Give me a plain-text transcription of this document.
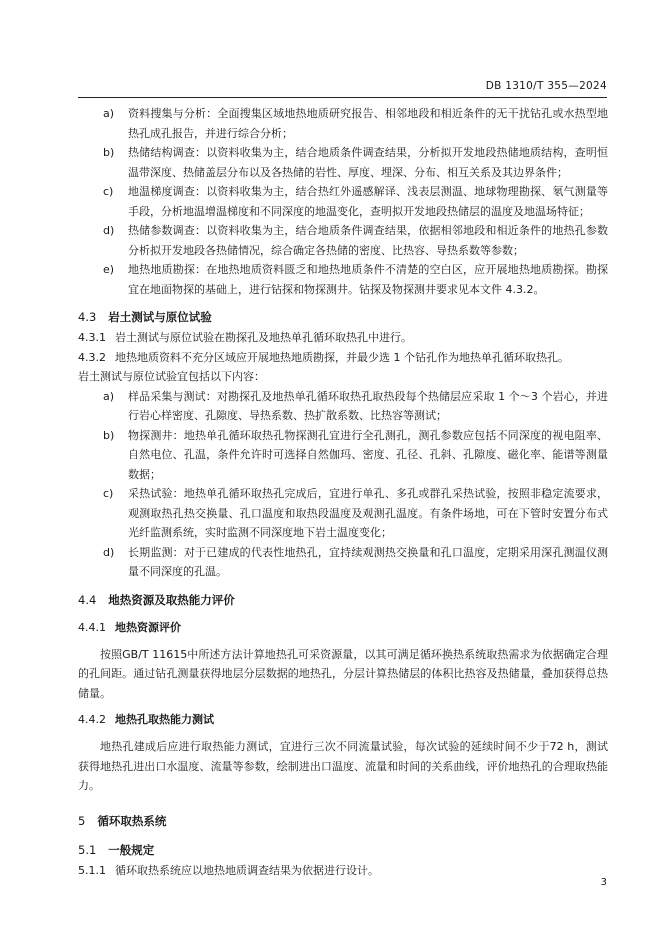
DB 1310/T 355—2024
a) 资料搜集与分析：全面搜集区域地热地质研究报告、相邻地段和相近条件的无干扰钻孔或水热型地热孔成孔报告，并进行综合分析；
b) 热储结构调查：以资料收集为主，结合地质条件调查结果，分析拟开发地段热储地质结构，查明恒温带深度、热储盖层分布以及各热储的岩性、厚度、埋深、分布、相互关系及其边界条件；
c) 地温梯度调查：以资料收集为主，结合热红外遥感解译、浅表层测温、地球物理勘探、氡气测量等手段，分析地温增温梯度和不同深度的地温变化，查明拟开发地段热储层的温度及地温场特征；
d) 热储参数调查：以资料收集为主，结合地质条件调查结果，依据相邻地段和相近条件的地热孔参数分析拟开发地段各热储情况，综合确定各热储的密度、比热容、导热系数等参数；
e) 地热地质勘探：在地热地质资料匮乏和地热地质条件不清楚的空白区，应开展地热地质勘探。勘探宜在地面物探的基础上，进行钻探和物探测井。钻探及物探测井要求见本文件 4.3.2。
4.3 岩土测试与原位试验
4.3.1 岩土测试与原位试验在勘探孔及地热单孔循环取热孔中进行。
4.3.2 地热地质资料不充分区域应开展地热地质勘探，并最少选 1 个钻孔作为地热单孔循环取热孔。
岩土测试与原位试验宜包括以下内容：
a) 样品采集与测试：对勘探孔及地热单孔循环取热孔取热段每个热储层应采取 1 个～3 个岩心，并进行岩心样密度、孔隙度、导热系数、热扩散系数、比热容等测试；
b) 物探测井：地热单孔循环取热孔物探测孔宜进行全孔测孔，测孔参数应包括不同深度的视电阻率、自然电位、孔温，条件允许时可选择自然伽玛、密度、孔径、孔斜、孔隙度、磁化率、能谱等测量数据；
c) 采热试验：地热单孔循环取热孔完成后，宜进行单孔、多孔或群孔采热试验，按照非稳定流要求，观测取热孔热交换量、孔口温度和取热段温度及观测孔温度。有条件场地，可在下管时安置分布式光纤监测系统，实时监测不同深度地下岩土温度变化；
d) 长期监测：对于已建成的代表性地热孔，宜持续观测热交换量和孔口温度，定期采用深孔测温仪测量不同深度的孔温。
4.4 地热资源及取热能力评价
4.4.1 地热资源评价
按照GB/T 11615中所述方法计算地热孔可采资源量，以其可满足循环换热系统取热需求为依据确定合理的孔间距。通过钻孔测量获得地层分层数据的地热孔，分层计算热储层的体积比热容及热储量，叠加获得总热储量。
4.4.2 地热孔取热能力测试
地热孔建成后应进行取热能力测试，宜进行三次不同流量试验，每次试验的延续时间不少于72 h，测试获得地热孔进出口水温度、流量等参数，绘制进出口温度、流量和时间的关系曲线，评价地热孔的合理取热能力。
5 循环取热系统
5.1 一般规定
5.1.1 循环取热系统应以地热地质调查结果为依据进行设计。
3
